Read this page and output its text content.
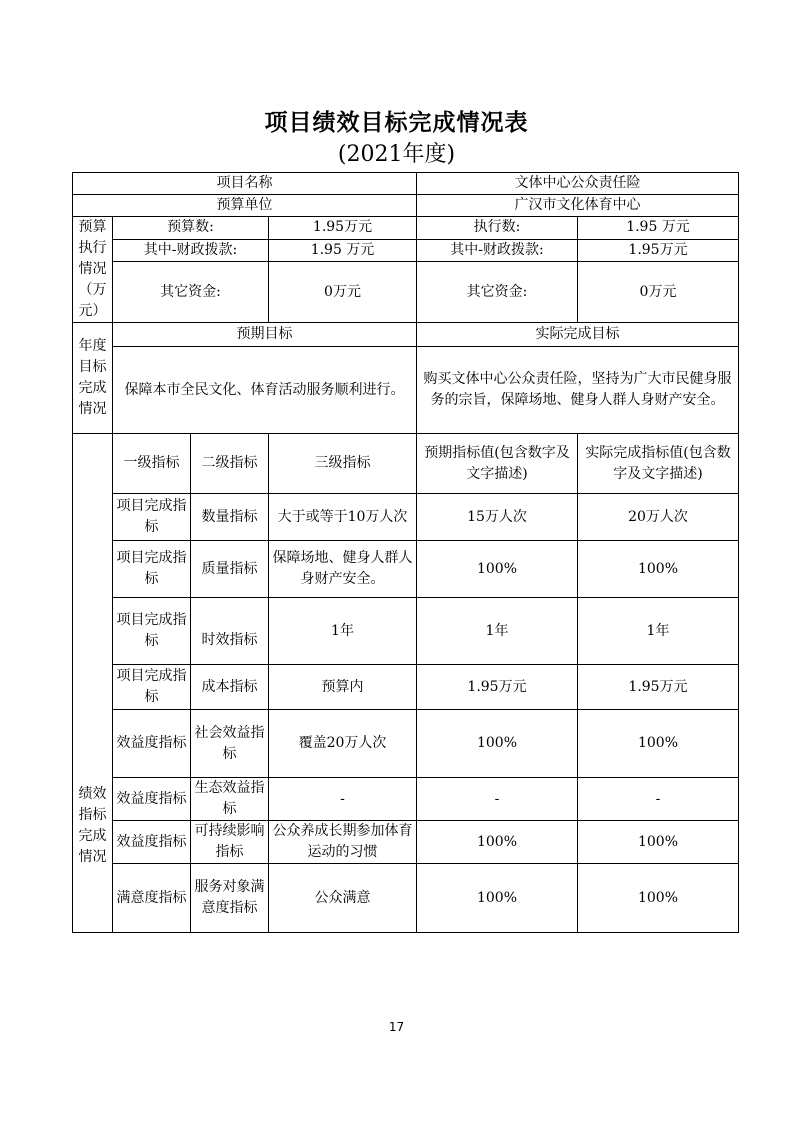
项目绩效目标完成情况表
(2021年度)
项目名称				文体中心公众责任险	
预算单位				广汉市文化体育中心	
预算执行情况（万元）	预算数:		1.95万元	执行数:	1.95 万元
	其中-财政拨款:		1.95 万元	其中-财政拨款:	1.95万元
	其它资金:		0万元	其它资金:	0万元
年度目标完成情况	预期目标			实际完成目标	
	保障本市全民文化、体育活动服务顺利进行。			购买文体中心公众责任险，坚持为广大市民健身服务的宗旨，保障场地、健身人群人身财产安全。	
绩效指标完成情况	一级指标	二级指标	三级指标	预期指标值(包含数字及文字描述)	实际完成指标值(包含数字及文字描述)
	项目完成指标	数量指标	大于或等于10万人次	15万人次	20万人次
	项目完成指标	质量指标	保障场地、健身人群人身财产安全。	100%	100%
	项目完成指标	时效指标	1年	1年	1年
	项目完成指标	成本指标	预算内	1.95万元	1.95万元
	效益度指标	社会效益指标	覆盖20万人次	100%	100%
	效益度指标	生态效益指标	-	-	-
	效益度指标	可持续影响指标	公众养成长期参加体育运动的习惯	100%	100%
	满意度指标	服务对象满意度指标	公众满意	100%	100%
17
